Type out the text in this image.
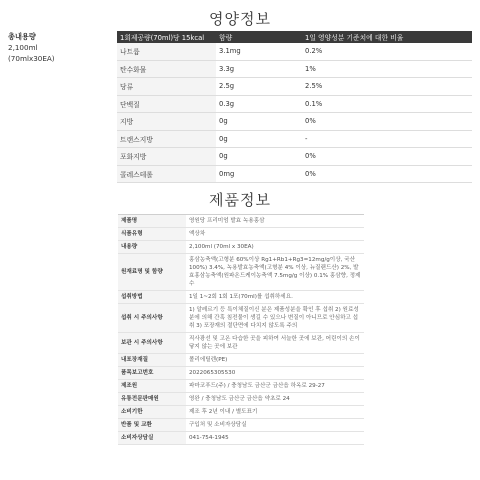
영양정보
총내용량
2,100ml
(70mlx30EA)
1회제공량(70ml)당 15kcal	함량	1일 영양성분 기준치에 대한 비율
나트륨	3.1mg	0.2%
탄수화물	3.3g	1%
당류	2.5g	2.5%
단백질	0.3g	0.1%
지방	0g	0%
트랜스지방	0g	-
포화지방	0g	0%
콜레스테롤	0mg	0%
제품정보
제품명	영원당 프리미엄 발효 녹용홍삼
식품유형	액상차
내용량	2,100ml (70ml x 30EA)
원재료명 및 함량	홍삼농축액(고형분 60%이상 Rg1+Rb1+Rg3=12mg/g이상, 국산 100%) 3.4%, 녹용발효농축액(고형분 4% 이상, 뉴질랜드산) 2%, 발효홍삼농축액(원파온드케이농축액 7.5mg/g 이상) 0.1% 홍삼향, 정제수
섭취방법	1일 1~2회 1회 1포(70ml)를 섭취하세요.
섭취 시 주의사항	1) 알레르기 등 특이체질이신 분은 제품성분을 확인 후 섭취 2) 원료성분에 의해 간혹 침전물이 생길 수 있으나 변질이 아니므로 안심하고 섭취 3) 포장재의 절단면에 다치지 않도록 주의
보관 시 주의사항	직사광선 및 고온 다습한 곳을 피하여 서늘한 곳에 보관, 어린이의 손이 닿지 않는 곳에 보관
내포장재질	폴리에틸렌(PE)
품목보고번호	2022065305530
제조원	파마코푸드(주) / 충청남도 금산군 금산읍 하옥로 29-27
유통전문판매원	영완 / 충청남도 금산군 금산읍 약초로 24
소비기한	제조 후 2년 이내 / 별도표기
반품 및 교환	구입처 및 소비자상담실
소비자상담실	041-754-1945
